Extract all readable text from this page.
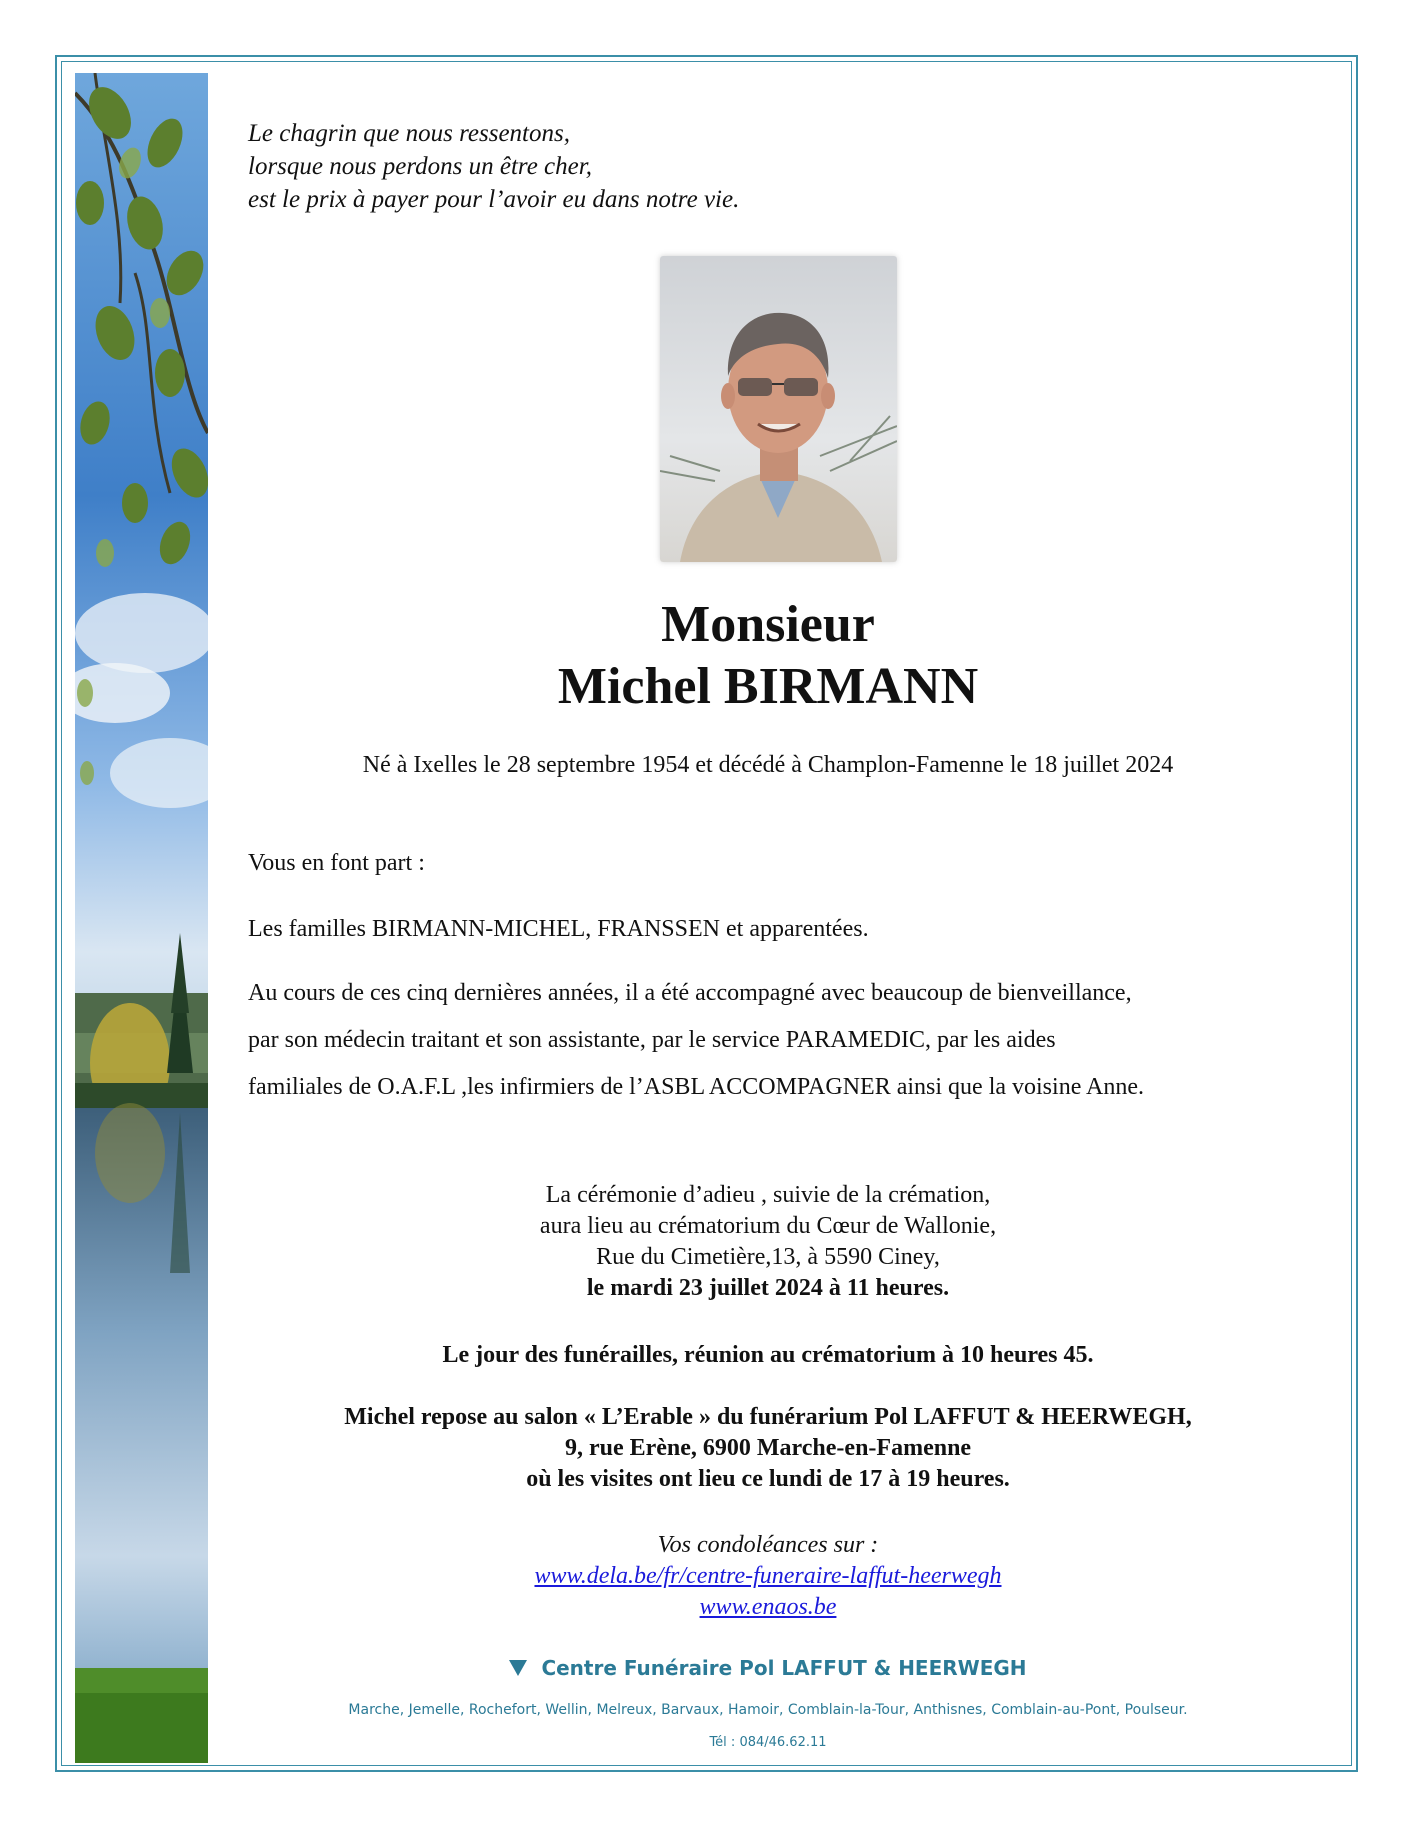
Le chagrin que nous ressentons,
lorsque nous perdons un être cher,
est le prix à payer pour l’avoir eu dans notre vie.
Monsieur
Michel BIRMANN
Né à Ixelles le 28 septembre 1954 et décédé à Champlon-Famenne le 18 juillet 2024
Vous en font part :
Les familles BIRMANN-MICHEL, FRANSSEN et apparentées.
Au cours de ces cinq dernières années, il a été accompagné avec beaucoup de bienveillance,
par son médecin traitant et son assistante, par le service PARAMEDIC, par les aides
familiales de O.A.F.L ,les infirmiers de l’ASBL ACCOMPAGNER ainsi que la voisine Anne.
La cérémonie d’adieu , suivie de la crémation,
aura lieu au crématorium du Cœur de Wallonie,
Rue du Cimetière,13, à 5590 Ciney,
le mardi 23 juillet 2024 à 11 heures.
Le jour des funérailles, réunion au crématorium à 10 heures 45.
Michel repose au salon « L’Erable » du funérarium Pol LAFFUT & HEERWEGH,
9, rue Erène, 6900 Marche-en-Famenne
où les visites ont lieu ce lundi de 17 à 19 heures.
Vos condoléances sur :
www.dela.be/fr/centre-funeraire-laffut-heerwegh
www.enaos.be
Centre Funéraire Pol LAFFUT & HEERWEGH
Marche, Jemelle, Rochefort, Wellin, Melreux, Barvaux, Hamoir, Comblain-la-Tour, Anthisnes, Comblain-au-Pont, Poulseur.
Tél : 084/46.62.11
